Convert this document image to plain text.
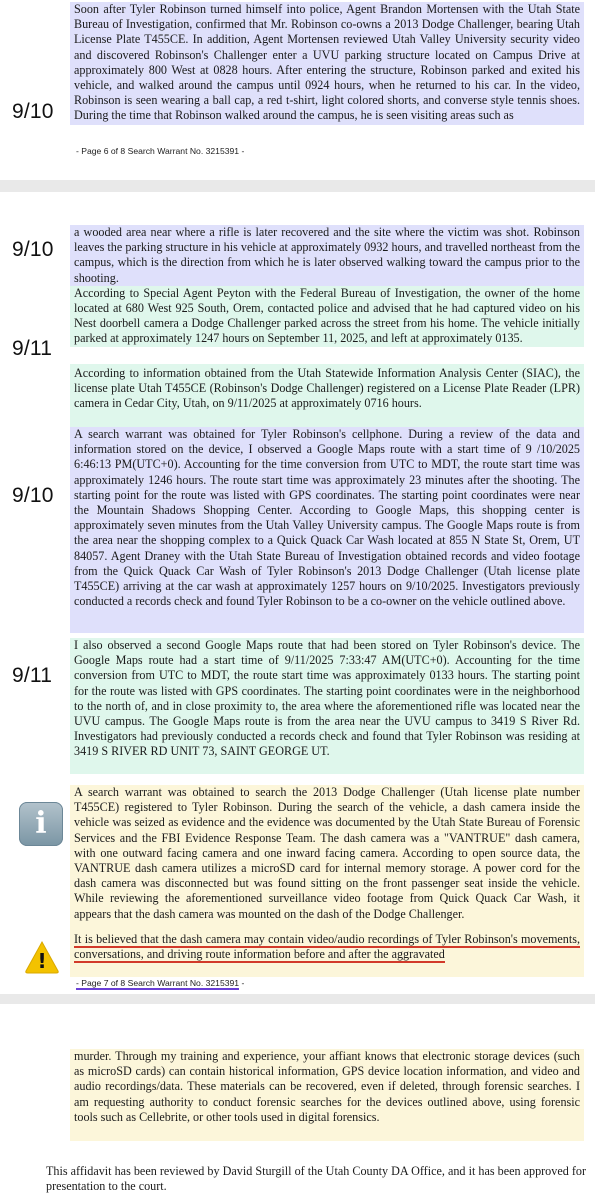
9/10
Soon after Tyler Robinson turned himself into police, Agent Brandon Mortensen with the Utah State Bureau of Investigation, confirmed that Mr. Robinson co-owns a 2013 Dodge Challenger, bearing Utah License Plate T455CE. In addition, Agent Mortensen reviewed Utah Valley University security video and discovered Robinson's Challenger enter a UVU parking structure located on Campus Drive at approximately 800 West at 0828 hours. After entering the structure, Robinson parked and exited his vehicle, and walked around the campus until 0924 hours, when he returned to his car. In the video, Robinson is seen wearing a ball cap, a red t-shirt, light colored shorts, and converse style tennis shoes. During the time that Robinson walked around the campus, he is seen visiting areas such as
- Page 6 of 8 Search Warrant No. 3215391 -
9/10
9/11
a wooded area near where a rifle is later recovered and the site where the victim was shot. Robinson leaves the parking structure in his vehicle at approximately 0932 hours, and travelled northeast from the campus, which is the direction from which he is later observed walking toward the campus prior to the shooting.
According to Special Agent Peyton with the Federal Bureau of Investigation, the owner of the home located at 680 West 925 South, Orem, contacted police and advised that he had captured video on his Nest doorbell camera a Dodge Challenger parked across the street from his home. The vehicle initially parked at approximately 1247 hours on September 11, 2025, and left at approximately 0135.
According to information obtained from the Utah Statewide Information Analysis Center (SIAC), the license plate Utah T455CE (Robinson's Dodge Challenger) registered on a License Plate Reader (LPR) camera in Cedar City, Utah, on 9/11/2025 at approximately 0716 hours.
9/10
A search warrant was obtained for Tyler Robinson's cellphone. During a review of the data and information stored on the device, I observed a Google Maps route with a start time of 9 /10/2025 6:46:13 PM(UTC+0). Accounting for the time conversion from UTC to MDT, the route start time was approximately 1246 hours. The route start time was approximately 23 minutes after the shooting. The starting point for the route was listed with GPS coordinates. The starting point coordinates were near the Mountain Shadows Shopping Center. According to Google Maps, this shopping center is approximately seven minutes from the Utah Valley University campus. The Google Maps route is from the area near the shopping complex to a Quick Quack Car Wash located at 855 N State St, Orem, UT 84057. Agent Draney with the Utah State Bureau of Investigation obtained records and video footage from the Quick Quack Car Wash of Tyler Robinson's 2013 Dodge Challenger (Utah license plate T455CE) arriving at the car wash at approximately 1257 hours on 9/10/2025. Investigators previously conducted a records check and found Tyler Robinson to be a co-owner on the vehicle outlined above.
9/11
I also observed a second Google Maps route that had been stored on Tyler Robinson's device. The Google Maps route had a start time of 9/11/2025 7:33:47 AM(UTC+0). Accounting for the time conversion from UTC to MDT, the route start time was approximately 0133 hours. The starting point for the route was listed with GPS coordinates. The starting point coordinates were in the neighborhood to the north of, and in close proximity to, the area where the aforementioned rifle was located near the UVU campus. The Google Maps route is from the area near the UVU campus to 3419 S River Rd. Investigators had previously conducted a records check and found that Tyler Robinson was residing at 3419 S RIVER RD UNIT 73, SAINT GEORGE UT.
i
!
A search warrant was obtained to search the 2013 Dodge Challenger (Utah license plate number T455CE) registered to Tyler Robinson. During the search of the vehicle, a dash camera inside the vehicle was seized as evidence and the evidence was documented by the Utah State Bureau of Forensic Services and the FBI Evidence Response Team. The dash camera was a "VANTRUE" dash camera, with one outward facing camera and one inward facing camera. According to open source data, the VANTRUE dash camera utilizes a microSD card for internal memory storage. A power cord for the dash camera was disconnected but was found sitting on the front passenger seat inside the vehicle. While reviewing the aforementioned surveillance video footage from Quick Quack Car Wash, it appears that the dash camera was mounted on the dash of the Dodge Challenger.
It is believed that the dash camera may contain video/audio recordings of Tyler Robinson's movements, conversations, and driving route information before and after the aggravated
- Page 7 of 8 Search Warrant No. 3215391 -
murder. Through my training and experience, your affiant knows that electronic storage devices (such as microSD cards) can contain historical information, GPS device location information, and video and audio recordings/data. These materials can be recovered, even if deleted, through forensic searches. I am requesting authority to conduct forensic searches for the devices outlined above, using forensic tools such as Cellebrite, or other tools used in digital forensics.
This affidavit has been reviewed by David Sturgill of the Utah County DA Office, and it has been approved for presentation to the court.
